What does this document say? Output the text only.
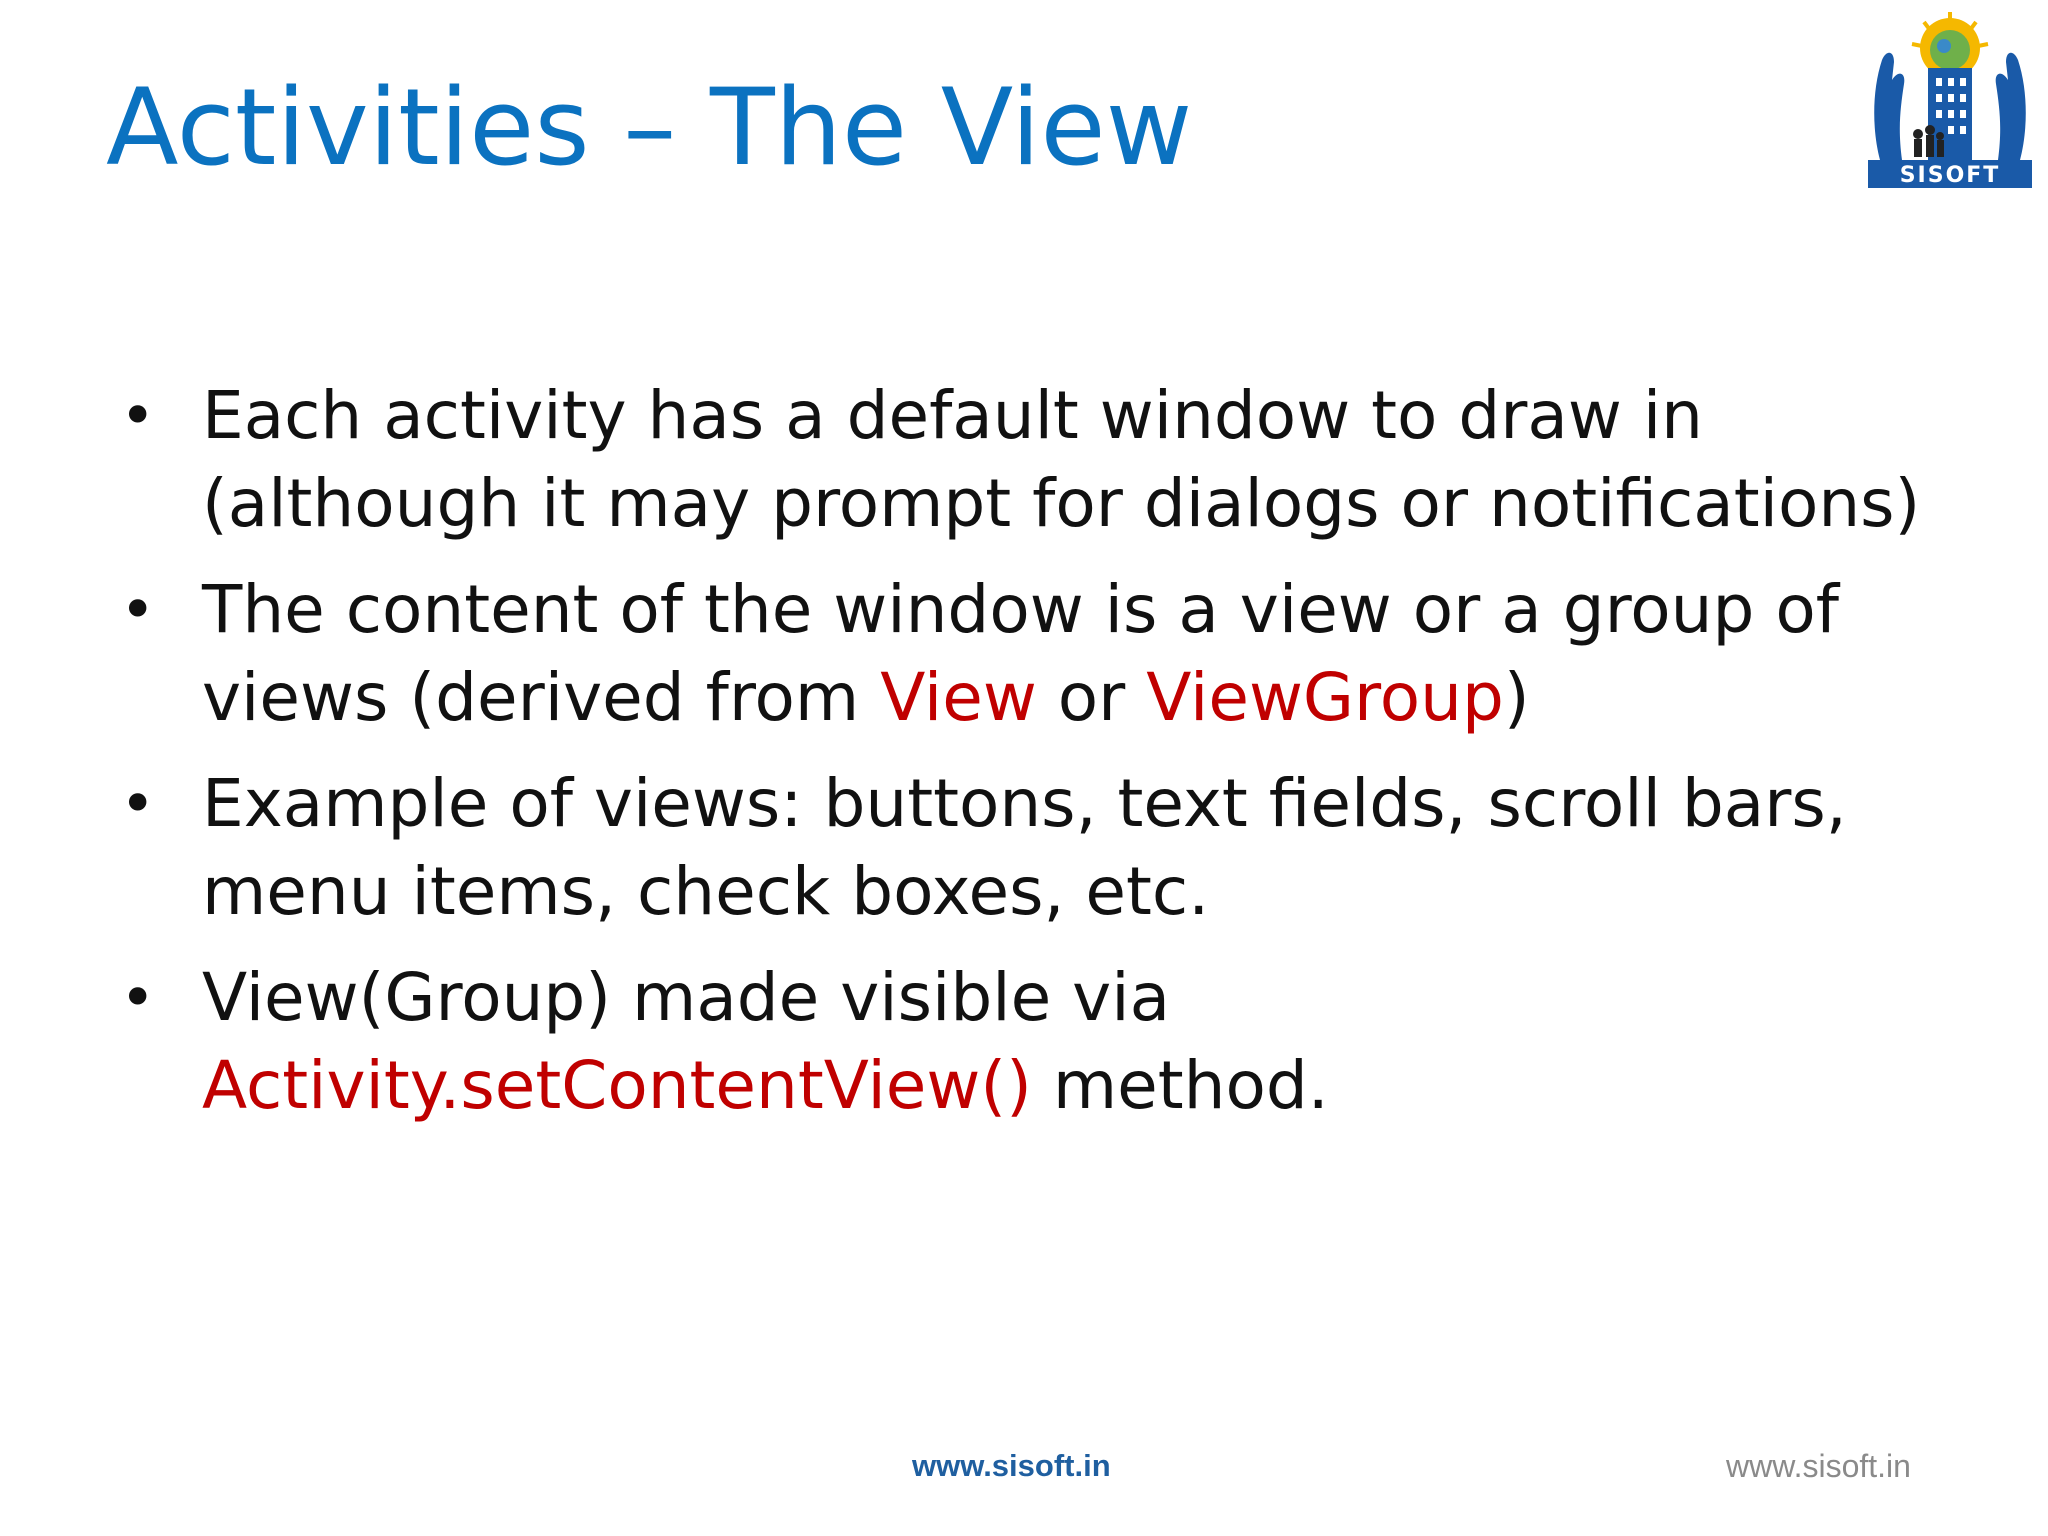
Activities – The View	SISOFT
• Each activity has a default window to draw in
(although it may prompt for dialogs or notifications)
• The content of the window is a view or a group of
views (derived from View or ViewGroup)
• Example of views: buttons, text fields, scroll bars,
menu items, check boxes, etc.
• View(Group) made visible via
Activity.setContentView() method.
www.sisoft.in	www.sisoft.in
